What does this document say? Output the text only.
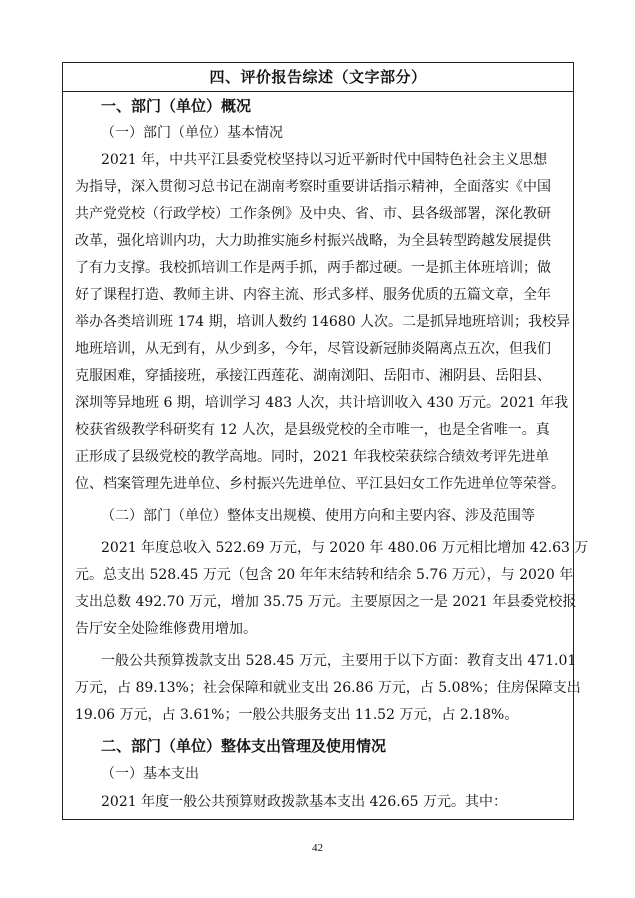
四、评价报告综述（文字部分）
一、部门（单位）概况
（一）部门（单位）基本情况
2021 年，中共平江县委党校坚持以习近平新时代中国特色社会主义思想
为指导，深入贯彻习总书记在湖南考察时重要讲话指示精神，全面落实《中国
共产党党校（行政学校）工作条例》及中央、省、市、县各级部署，深化教研
改革，强化培训内功，大力助推实施乡村振兴战略，为全县转型跨越发展提供
了有力支撑。我校抓培训工作是两手抓，两手都过硬。一是抓主体班培训；做
好了课程打造、教师主讲、内容主流、形式多样、服务优质的五篇文章，全年
举办各类培训班 174 期，培训人数约 14680 人次。二是抓异地班培训；我校异
地班培训，从无到有，从少到多，今年，尽管设新冠肺炎隔离点五次，但我们
克服困难，穿插接班，承接江西莲花、湖南浏阳、岳阳市、湘阴县、岳阳县、
深圳等异地班 6 期，培训学习 483 人次，共计培训收入 430 万元。2021 年我
校获省级教学科研奖有 12 人次，是县级党校的全市唯一，也是全省唯一。真
正形成了县级党校的教学高地。同时，2021 年我校荣获综合绩效考评先进单
位、档案管理先进单位、乡村振兴先进单位、平江县妇女工作先进单位等荣誉。
（二）部门（单位）整体支出规模、使用方向和主要内容、涉及范围等
2021 年度总收入 522.69 万元，与 2020 年 480.06 万元相比增加 42.63 万
元。总支出 528.45 万元（包含 20 年年末结转和结余 5.76 万元），与 2020 年
支出总数 492.70 万元，增加 35.75 万元。主要原因之一是 2021 年县委党校报
告厅安全处险维修费用增加。
一般公共预算拨款支出 528.45 万元，主要用于以下方面：教育支出 471.01
万元，占 89.13%；社会保障和就业支出 26.86 万元，占 5.08%；住房保障支出
19.06 万元，占 3.61%；一般公共服务支出 11.52 万元，占 2.18%。
二、部门（单位）整体支出管理及使用情况
（一）基本支出
2021 年度一般公共预算财政拨款基本支出 426.65 万元。其中：
42
